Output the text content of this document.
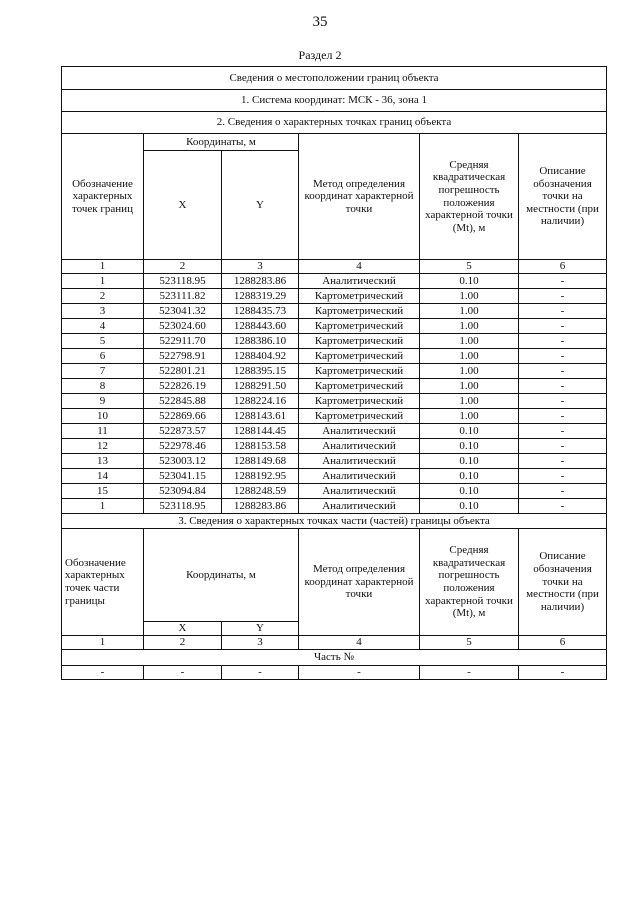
35
Раздел 2
Сведения о местоположении границ объекта					
1. Система координат: МСК - 36, зона 1					
2. Сведения о характерных точках границ объекта					
Обозначение характерных точек границ	Координаты, м		Метод определения координат характерной точки	Средняя квадратическая погрешность положения характерной точки (Mt), м	Описание обозначения точки на местности (при наличии)
	X	Y			
1	2	3	4	5	6
1	523118.95	1288283.86	Аналитический	0.10	-
2	523111.82	1288319.29	Картометрический	1.00	-
3	523041.32	1288435.73	Картометрический	1.00	-
4	523024.60	1288443.60	Картометрический	1.00	-
5	522911.70	1288386.10	Картометрический	1.00	-
6	522798.91	1288404.92	Картометрический	1.00	-
7	522801.21	1288395.15	Картометрический	1.00	-
8	522826.19	1288291.50	Картометрический	1.00	-
9	522845.88	1288224.16	Картометрический	1.00	-
10	522869.66	1288143.61	Картометрический	1.00	-
11	522873.57	1288144.45	Аналитический	0.10	-
12	522978.46	1288153.58	Аналитический	0.10	-
13	523003.12	1288149.68	Аналитический	0.10	-
14	523041.15	1288192.95	Аналитический	0.10	-
15	523094.84	1288248.59	Аналитический	0.10	-
1	523118.95	1288283.86	Аналитический	0.10	-
3. Сведения о характерных точках части (частей) границы объекта					
Обозначение характерных точек части границы	Координаты, м		Метод определения координат характерной точки	Средняя квадратическая погрешность положения характерной точки (Mt), м	Описание обозначения точки на местности (при наличии)
	X	Y			
1	2	3	4	5	6
Часть №					
-	-	-	-	-	-
